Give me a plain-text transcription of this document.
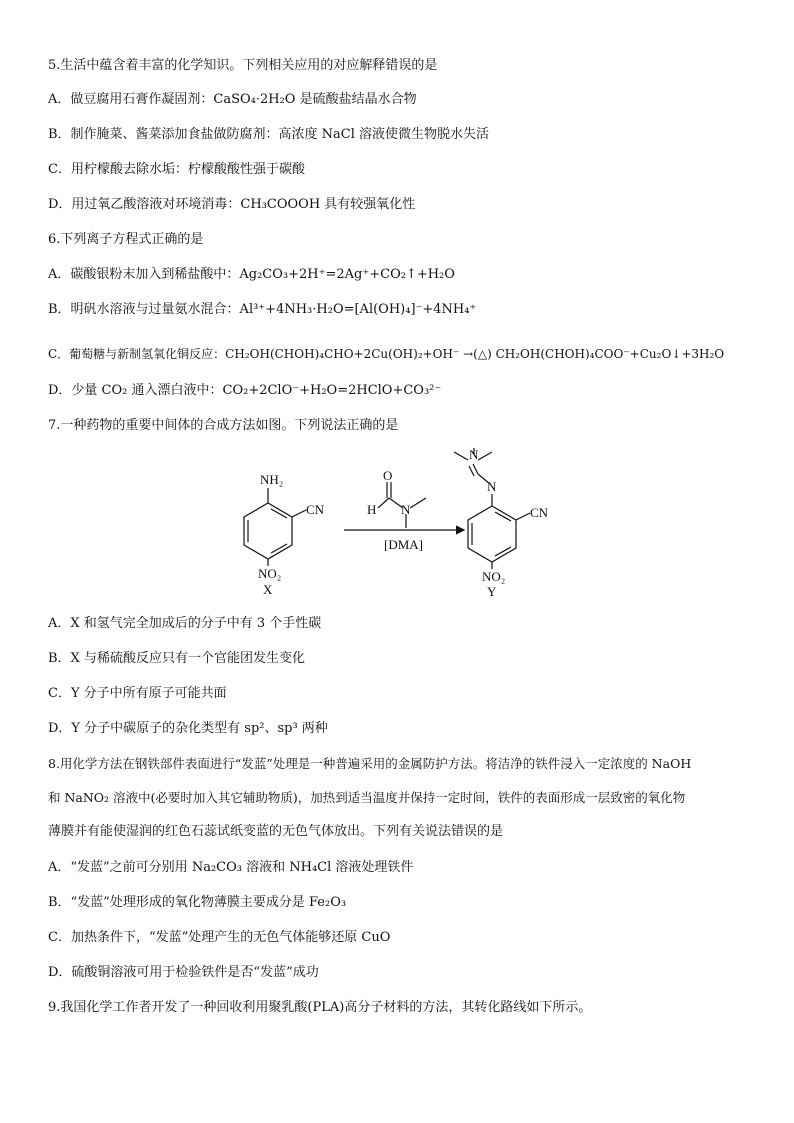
5.生活中蕴含着丰富的化学知识。下列相关应用的对应解释错误的是
A．做豆腐用石膏作凝固剂：CaSO₄·2H₂O 是硫酸盐结晶水合物
B．制作腌菜、酱菜添加食盐做防腐剂：高浓度 NaCl 溶液使微生物脱水失活
C．用柠檬酸去除水垢：柠檬酸酸性强于碳酸
D．用过氧乙酸溶液对环境消毒：CH₃COOOH 具有较强氧化性
6.下列离子方程式正确的是
A．碳酸银粉末加入到稀盐酸中：Ag₂CO₃+2H⁺=2Ag⁺+CO₂↑+H₂O
B．明矾水溶液与过量氨水混合：Al³⁺+4NH₃·H₂O=[Al(OH)₄]⁻+4NH₄⁺
C．葡萄糖与新制氢氧化铜反应：CH₂OH(CHOH)₄CHO+2Cu(OH)₂+OH⁻ →(△) CH₂OH(CHOH)₄COO⁻+Cu₂O↓+3H₂O
D．少量 CO₂ 通入漂白液中：CO₂+2ClO⁻+H₂O=2HClO+CO₃²⁻
7.一种药物的重要中间体的合成方法如图。下列说法正确的是
NH₂
CN
NO₂
X
O
H N
[DMA]
N
N
CN
NO₂
Y
A．X 和氢气完全加成后的分子中有 3 个手性碳
B．X 与稀硫酸反应只有一个官能团发生变化
C．Y 分子中所有原子可能共面
D．Y 分子中碳原子的杂化类型有 sp²、sp³ 两种
8.用化学方法在钢铁部件表面进行“发蓝”处理是一种普遍采用的金属防护方法。将洁净的铁件浸入一定浓度的 NaOH
和 NaNO₂ 溶液中(必要时加入其它辅助物质)，加热到适当温度并保持一定时间，铁件的表面形成一层致密的氧化物
薄膜并有能使湿润的红色石蕊试纸变蓝的无色气体放出。下列有关说法错误的是
A．“发蓝”之前可分别用 Na₂CO₃ 溶液和 NH₄Cl 溶液处理铁件
B．“发蓝”处理形成的氧化物薄膜主要成分是 Fe₂O₃
C．加热条件下，“发蓝”处理产生的无色气体能够还原 CuO
D．硫酸铜溶液可用于检验铁件是否“发蓝”成功
9.我国化学工作者开发了一种回收利用聚乳酸(PLA)高分子材料的方法，其转化路线如下所示。
